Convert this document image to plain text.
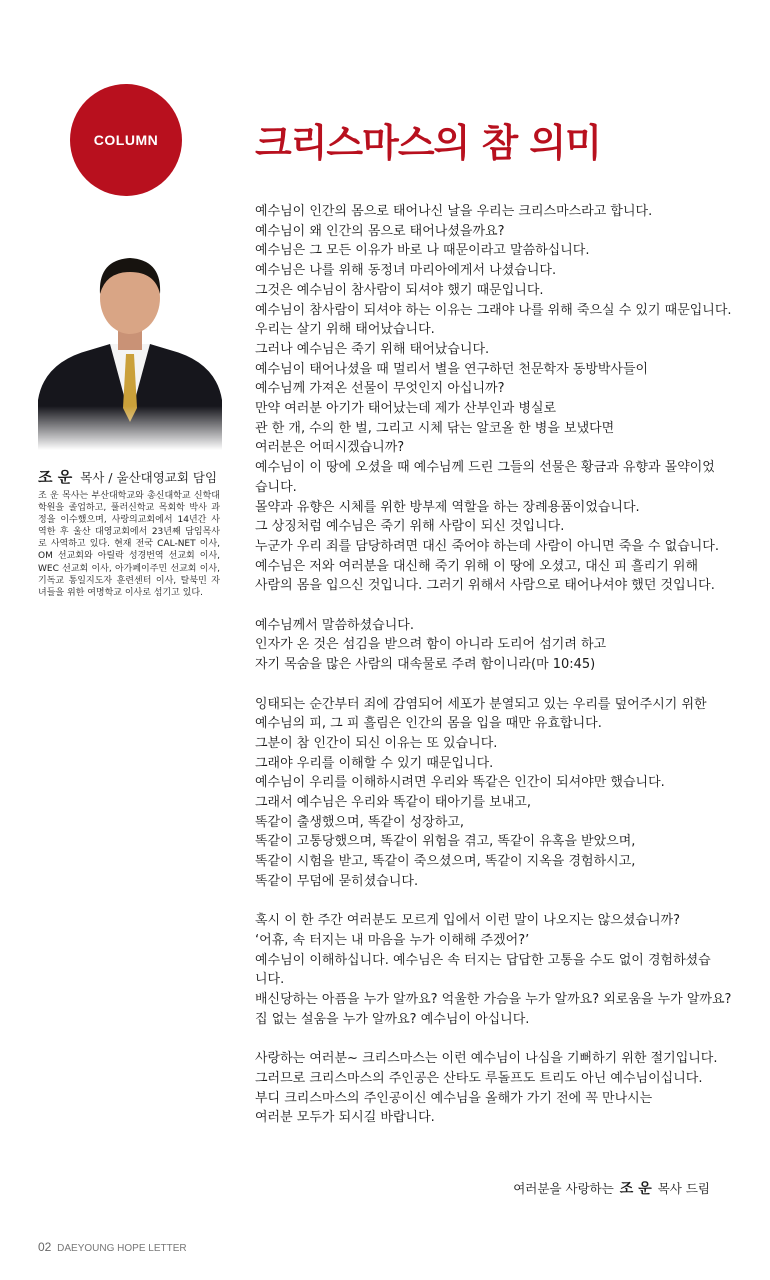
COLUMN	크리스마스의 참 의미
조 운 목사 / 울산대영교회 담임

조 운 목사는 부산대학교와 총신대학교 신학대학원을 졸업하고, 풀러신학교 목회학 박사 과정을 이수했으며, 사랑의교회에서 14년간 사역한 후 울산 대영교회에서 23년째 담임목사로 사역하고 있다. 현재 전국 CAL-NET 이사, OM 선교회와 아릴락 성경번역 선교회 이사, WEC 선교회 이사, 아가페이주민 선교회 이사, 기독교 통일지도자 훈련센터 이사, 탈북민 자녀들을 위한 여명학교 이사로 섬기고 있다.

예수님이 인간의 몸으로 태어나신 날을 우리는 크리스마스라고 합니다.
예수님이 왜 인간의 몸으로 태어나셨을까요?
예수님은 그 모든 이유가 바로 나 때문이라고 말씀하십니다.
예수님은 나를 위해 동정녀 마리아에게서 나셨습니다.
그것은 예수님이 참사람이 되셔야 했기 때문입니다.
예수님이 참사람이 되셔야 하는 이유는 그래야 나를 위해 죽으실 수 있기 때문입니다.
우리는 살기 위해 태어났습니다.
그러나 예수님은 죽기 위해 태어났습니다.
예수님이 태어나셨을 때 멀리서 별을 연구하던 천문학자 동방박사들이
예수님께 가져온 선물이 무엇인지 아십니까?
만약 여러분 아기가 태어났는데 제가 산부인과 병실로
관 한 개, 수의 한 벌, 그리고 시체 닦는 알코올 한 병을 보냈다면
여러분은 어떠시겠습니까?
예수님이 이 땅에 오셨을 때 예수님께 드린 그들의 선물은 황금과 유향과 몰약이었
습니다.
몰약과 유향은 시체를 위한 방부제 역할을 하는 장례용품이었습니다.
그 상징처럼 예수님은 죽기 위해 사람이 되신 것입니다.
누군가 우리 죄를 담당하려면 대신 죽어야 하는데 사람이 아니면 죽을 수 없습니다.
예수님은 저와 여러분을 대신해 죽기 위해 이 땅에 오셨고, 대신 피 흘리기 위해
사람의 몸을 입으신 것입니다. 그러기 위해서 사람으로 태어나셔야 했던 것입니다.
예수님께서 말씀하셨습니다.
인자가 온 것은 섬김을 받으려 함이 아니라 도리어 섬기려 하고
자기 목숨을 많은 사람의 대속물로 주려 함이니라(마 10:45)
잉태되는 순간부터 죄에 감염되어 세포가 분열되고 있는 우리를 덮어주시기 위한
예수님의 피, 그 피 흘림은 인간의 몸을 입을 때만 유효합니다.
그분이 참 인간이 되신 이유는 또 있습니다.
그래야 우리를 이해할 수 있기 때문입니다.
예수님이 우리를 이해하시려면 우리와 똑같은 인간이 되셔야만 했습니다.
그래서 예수님은 우리와 똑같이 태아기를 보내고,
똑같이 출생했으며, 똑같이 성장하고,
똑같이 고통당했으며, 똑같이 위험을 겪고, 똑같이 유혹을 받았으며,
똑같이 시험을 받고, 똑같이 죽으셨으며, 똑같이 지옥을 경험하시고,
똑같이 무덤에 묻히셨습니다.
혹시 이 한 주간 여러분도 모르게 입에서 이런 말이 나오지는 않으셨습니까?
‘어휴, 속 터지는 내 마음을 누가 이해해 주겠어?’
예수님이 이해하십니다. 예수님은 속 터지는 답답한 고통을 수도 없이 경험하셨습
니다.
배신당하는 아픔을 누가 알까요? 억울한 가슴을 누가 알까요? 외로움을 누가 알까요?
집 없는 설움을 누가 알까요? 예수님이 아십니다.
사랑하는 여러분~ 크리스마스는 이런 예수님이 나심을 기뻐하기 위한 절기입니다.
그러므로 크리스마스의 주인공은 산타도 루돌프도 트리도 아닌 예수님이십니다.
부디 크리스마스의 주인공이신 예수님을 올해가 가기 전에 꼭 만나시는
여러분 모두가 되시길 바랍니다.
여러분을 사랑하는 조 운 목사 드림
02 DAEYOUNG HOPE LETTER
